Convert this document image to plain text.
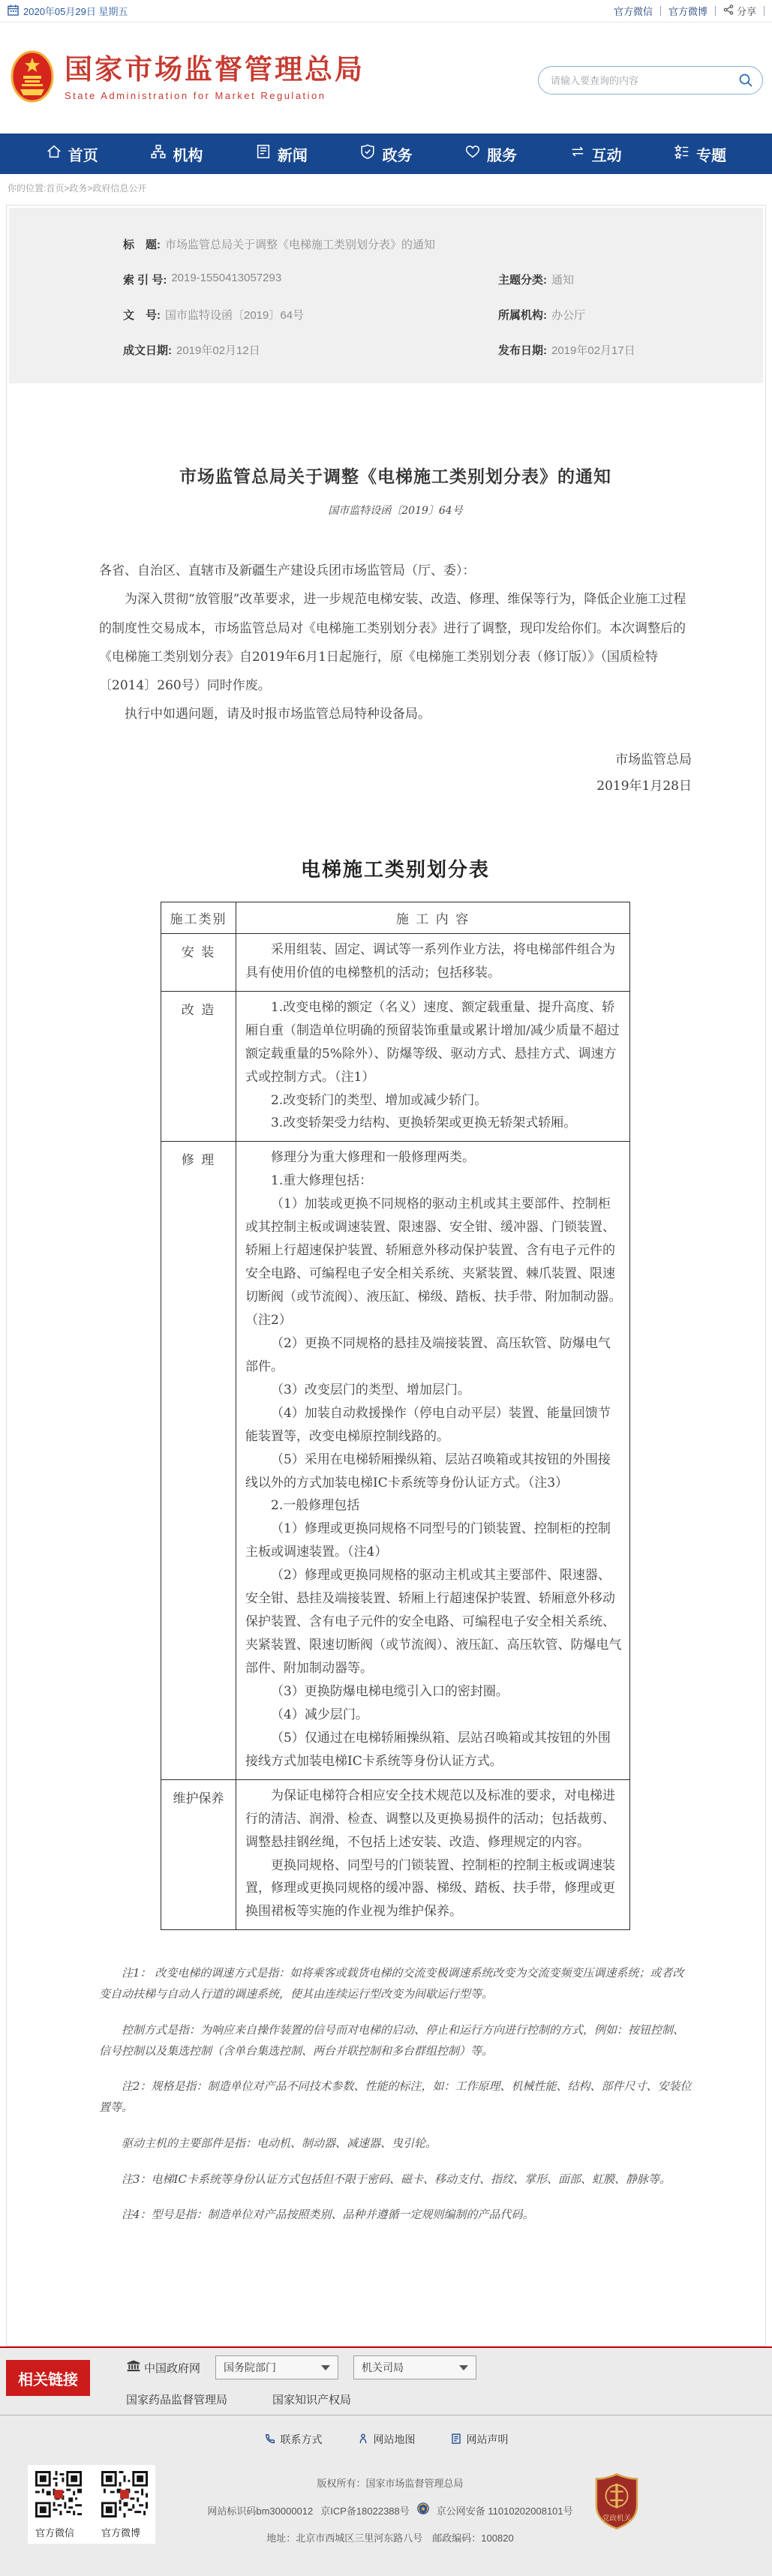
2020年05月29日 星期五	官方微信 官方微博	分享
国家市场监督管理总局
State Administration for Market Regulation
请输入要查询的内容
首页	机构	新闻	政务	服务	互动	专题
你的位置:首页>政务>政府信息公开
标　题: 市场监管总局关于调整《电梯施工类别划分表》的通知
索 引 号: 2019-1550413057293	主题分类: 通知
文　号: 国市监特设函〔2019〕64号	所属机构: 办公厅
成文日期: 2019年02月12日	发布日期: 2019年02月17日
市场监管总局关于调整《电梯施工类别划分表》的通知
国市监特设函〔2019〕64号

各省、自治区、直辖市及新疆生产建设兵团市场监管局（厅、委）：

为深入贯彻“放管服”改革要求，进一步规范电梯安装、改造、修理、维保等行为，降低企业施工过程的制度性交易成本，市场监管总局对《电梯施工类别划分表》进行了调整，现印发给你们。本次调整后的《电梯施工类别划分表》自2019年6月1日起施行，原《电梯施工类别划分表（修订版）》（国质检特〔2014〕260号）同时作废。

执行中如遇问题，请及时报市场监管总局特种设备局。

市场监管总局
2019年1月28日
电梯施工类别划分表
施工类别	施 工 内 容
安 装	采用组装、固定、调试等一系列作业方法，将电梯部件组合为具有使用价值的电梯整机的活动；包括移装。

改 造	1.改变电梯的额定（名义）速度、额定载重量、提升高度、轿厢自重（制造单位明确的预留装饰重量或累计增加/减少质量不超过额定载重量的5%除外）、防爆等级、驱动方式、悬挂方式、调速方式或控制方式。（注1）

2.改变轿门的类型、增加或减少轿门。

3.改变轿架受力结构、更换轿架或更换无轿架式轿厢。

修 理	修理分为重大修理和一般修理两类。

1.重大修理包括：

（1）加装或更换不同规格的驱动主机或其主要部件、控制柜或其控制主板或调速装置、限速器、安全钳、缓冲器、门锁装置、轿厢上行超速保护装置、轿厢意外移动保护装置、含有电子元件的安全电路、可编程电子安全相关系统、夹紧装置、棘爪装置、限速切断阀（或节流阀）、液压缸、梯级、踏板、扶手带、附加制动器。（注2）

（2）更换不同规格的悬挂及端接装置、高压软管、防爆电气部件。

（3）改变层门的类型、增加层门。

（4）加装自动救援操作（停电自动平层）装置、能量回馈节能装置等，改变电梯原控制线路的。

（5）采用在电梯轿厢操纵箱、层站召唤箱或其按钮的外围接线以外的方式加装电梯IC卡系统等身份认证方式。（注3）

2.一般修理包括

（1）修理或更换同规格不同型号的门锁装置、控制柜的控制主板或调速装置。（注4）

（2）修理或更换同规格的驱动主机或其主要部件、限速器、安全钳、悬挂及端接装置、轿厢上行超速保护装置、轿厢意外移动保护装置、含有电子元件的安全电路、可编程电子安全相关系统、夹紧装置、限速切断阀（或节流阀）、液压缸、高压软管、防爆电气部件、附加制动器等。

（3）更换防爆电梯电缆引入口的密封圈。

（4）减少层门。

（5）仅通过在电梯轿厢操纵箱、层站召唤箱或其按钮的外围接线方式加装电梯IC卡系统等身份认证方式。

维护保养	为保证电梯符合相应安全技术规范以及标准的要求，对电梯进行的清洁、润滑、检查、调整以及更换易损件的活动；包括裁剪、调整悬挂钢丝绳，不包括上述安装、改造、修理规定的内容。

更换同规格、同型号的门锁装置、控制柜的控制主板或调速装置，修理或更换同规格的缓冲器、梯级、踏板、扶手带，修理或更换围裙板等实施的作业视为维护保养。

注1： 改变电梯的调速方式是指：如将乘客或载货电梯的交流变极调速系统改变为交流变频变压调速系统；或者改变自动扶梯与自动人行道的调速系统，使其由连续运行型改变为间歇运行型等。

控制方式是指：为响应来自操作装置的信号而对电梯的启动、停止和运行方向进行控制的方式，例如：按钮控制、信号控制以及集选控制（含单台集选控制、两台并联控制和多台群组控制）等。

注2：规格是指：制造单位对产品不同技术参数、性能的标注，如：工作原理、机械性能、结构、部件尺寸、安装位置等。

驱动主机的主要部件是指：电动机、制动器、减速器、曳引轮。

注3：电梯IC卡系统等身份认证方式包括但不限于密码、磁卡、移动支付、指纹、掌形、面部、虹膜、静脉等。

注4：型号是指：制造单位对产品按照类别、品种并遵循一定规则编制的产品代码。

相关链接
中国政府网 国务院部门	机关司局
国家药品监督管理局	国家知识产权局
联系方式	网站地图	网站声明
官方微信	官方微博
版权所有：国家市场监督管理总局
网站标识码bm30000012 京ICP备18022388号	京公网安备 11010202008101号
地址：北京市西城区三里河东路八号　邮政编码：100820
党政机关
